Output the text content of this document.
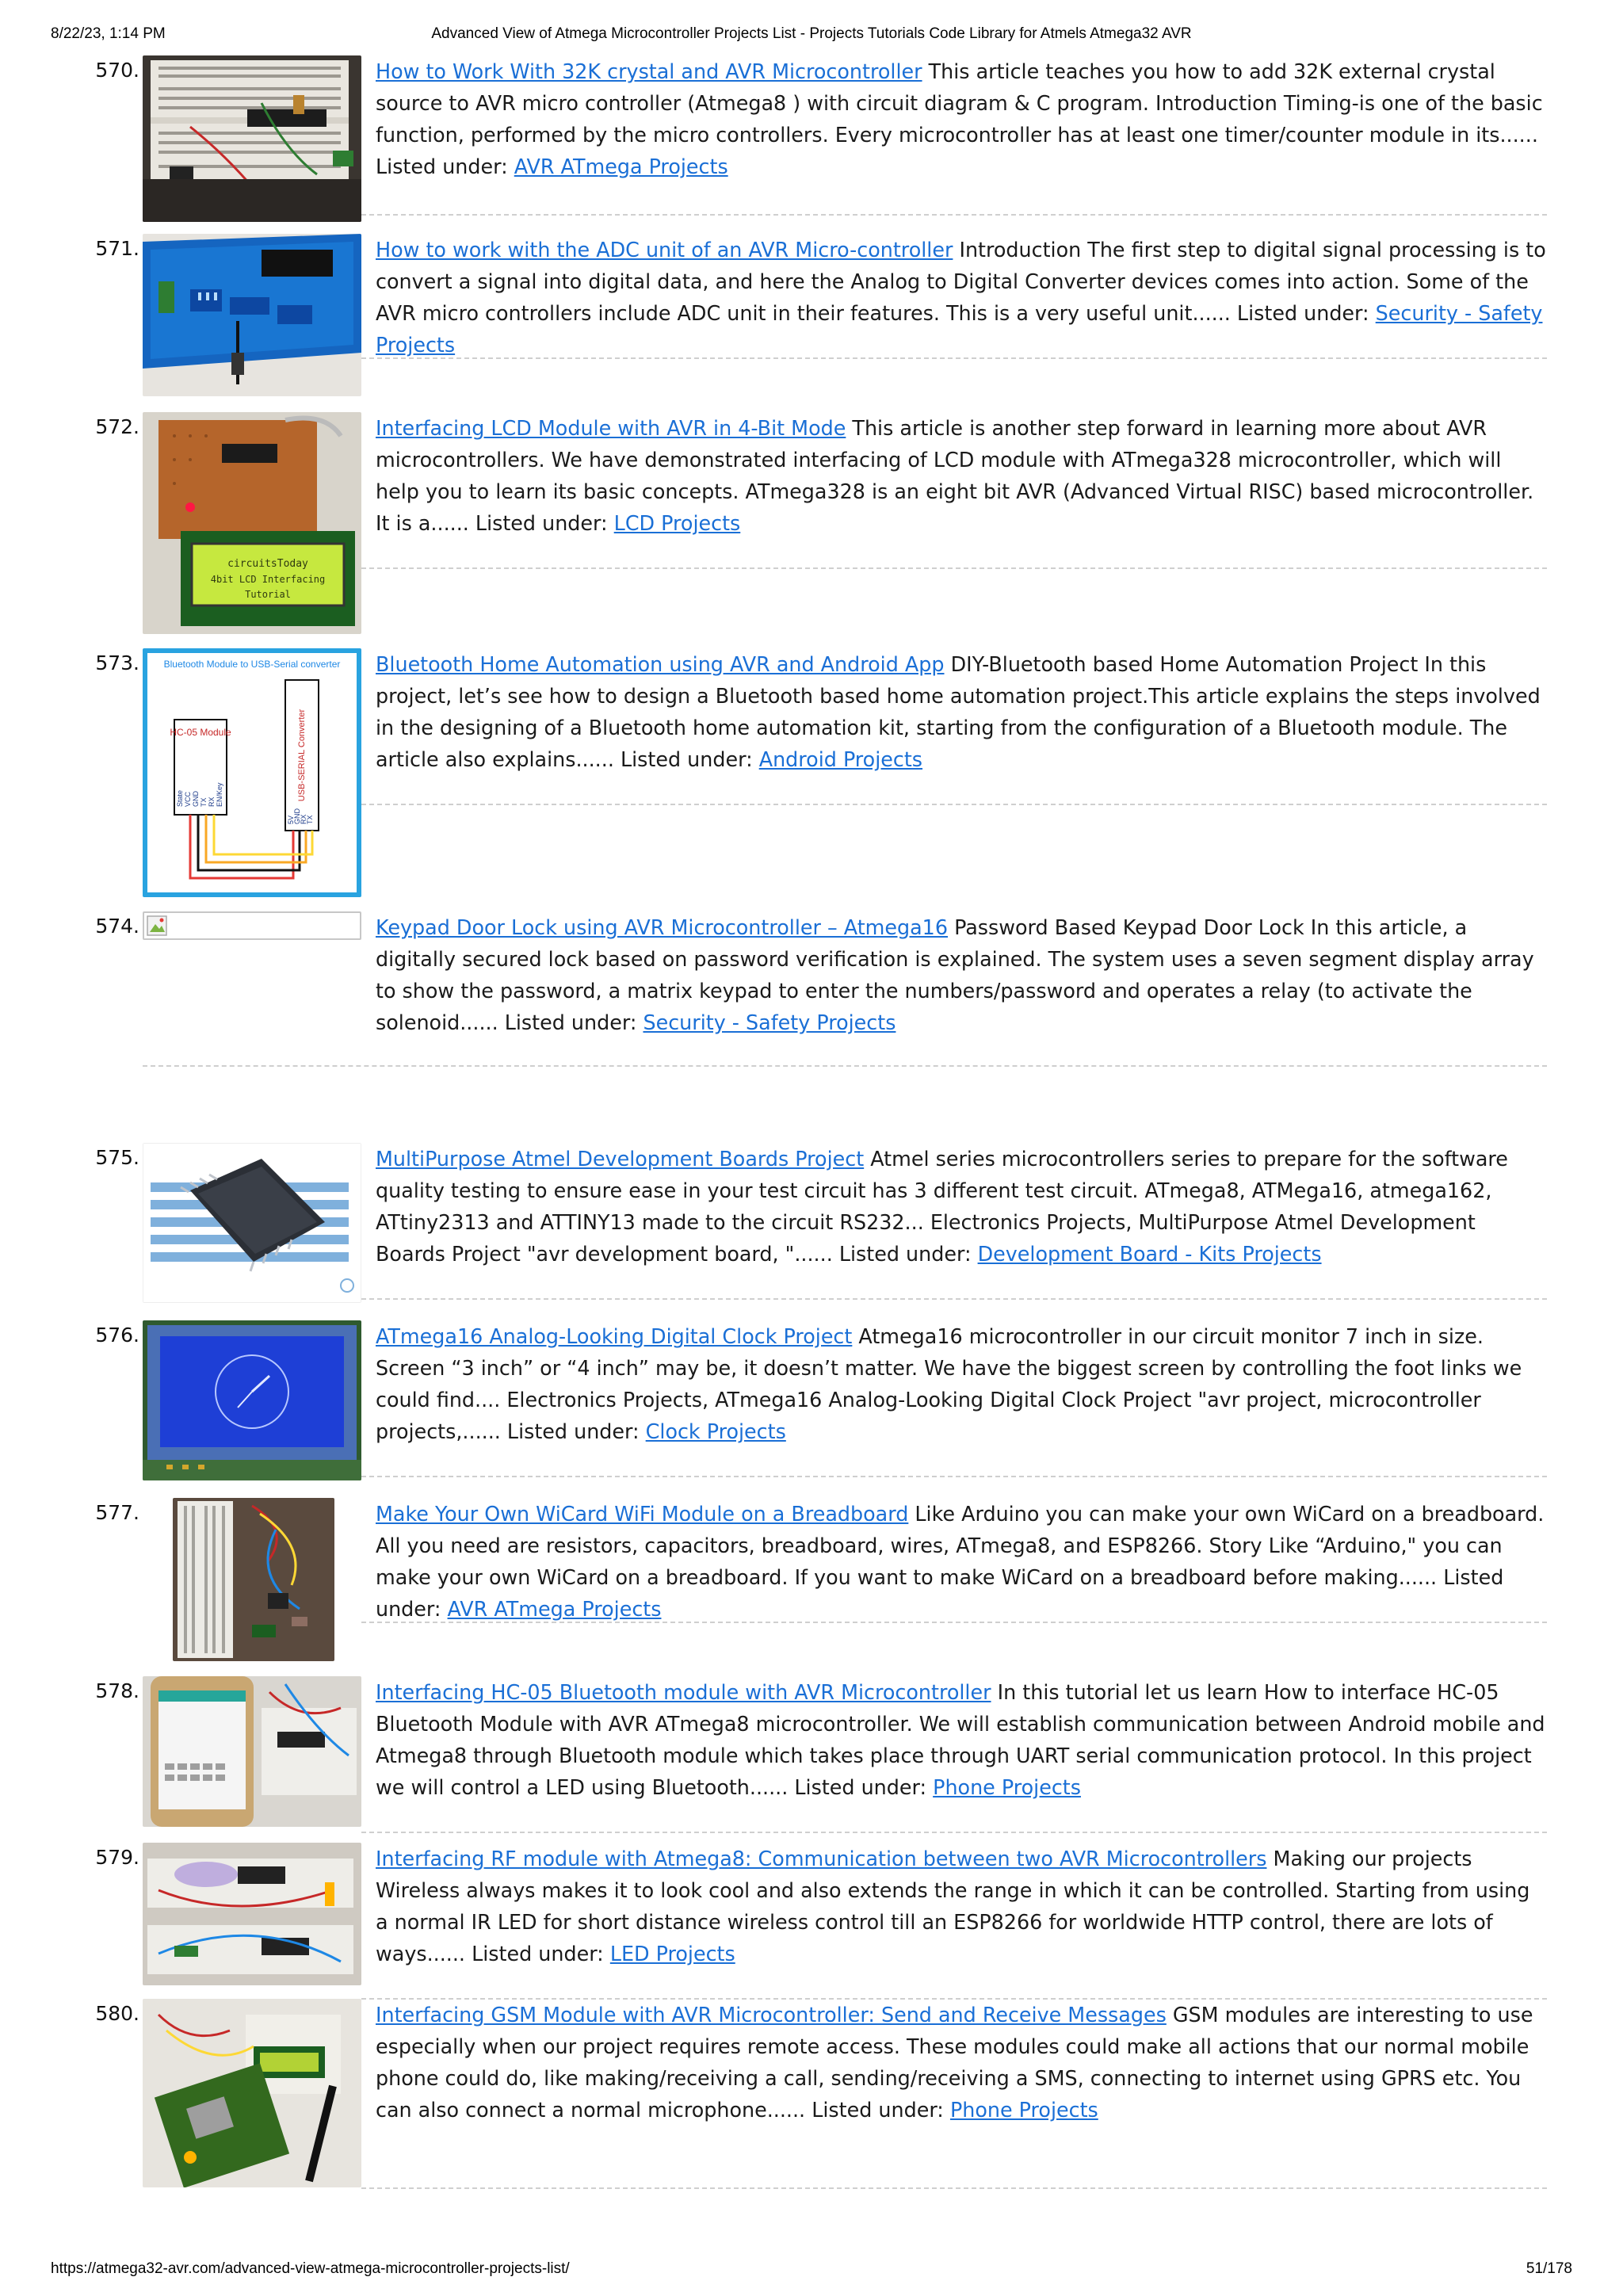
8/22/23, 1:14 PM	Advanced View of Atmega Microcontroller Projects List - Projects Tutorials Code Library for Atmels Atmega32 AVR
570.	How to Work With 32K crystal and AVR Microcontroller This article teaches you how to add 32K external crystal source to AVR micro controller (Atmega8 ) with circuit diagram & C program. Introduction Timing-is one of the basic function, performed by the micro controllers. Every microcontroller has at least one timer/counter module in its...... Listed under: AVR ATmega Projects
571.	How to work with the ADC unit of an AVR Micro-controller Introduction The first step to digital signal processing is to convert a signal into digital data, and here the Analog to Digital Converter devices comes into action. Some of the AVR micro controllers include ADC unit in their features. This is a very useful unit...... Listed under: Security - Safety Projects
572.
circuitsToday
4bit LCD Interfacing
Tutorial
Interfacing LCD Module with AVR in 4-Bit Mode This article is another step forward in learning more about AVR microcontrollers. We have demonstrated interfacing of LCD module with ATmega328 microcontroller, which will help you to learn its basic concepts. ATmega328 is an eight bit AVR (Advanced Virtual RISC) based microcontroller. It is a...... Listed under: LCD Projects
573.	Bluetooth Module to USB-Serial converter
HC-05 Module	USB-SERIAL Converter
State VCC GND TX RX EN/Key
5V
GND
RX
TX
Bluetooth Home Automation using AVR and Android App DIY-Bluetooth based Home Automation Project In this project, let’s see how to design a Bluetooth based home automation project.This article explains the steps involved in the designing of a Bluetooth home automation kit, starting from the configuration of a Bluetooth module. The article also explains...... Listed under: Android Projects
574.	Keypad Door Lock using AVR Microcontroller – Atmega16 Password Based Keypad Door Lock In this article, a digitally secured lock based on password verification is explained. The system uses a seven segment display array to show the password, a matrix keypad to enter the numbers/password and operates a relay (to activate the solenoid...... Listed under: Security - Safety Projects
575.	MultiPurpose Atmel Development Boards Project Atmel series microcontrollers series to prepare for the software quality testing to ensure ease in your test circuit has 3 different test circuit. ATmega8, ATMega16, atmega162, ATtiny2313 and ATTINY13 made to the circuit RS232... Electronics Projects, MultiPurpose Atmel Development Boards Project "avr development board, "...... Listed under: Development Board - Kits Projects
576.	ATmega16 Analog-Looking Digital Clock Project Atmega16 microcontroller in our circuit monitor 7 inch in size. Screen “3 inch” or “4 inch” may be, it doesn’t matter. We have the biggest screen by controlling the foot links we could find.... Electronics Projects, ATmega16 Analog-Looking Digital Clock Project "avr project, microcontroller projects,...... Listed under: Clock Projects
577.	Make Your Own WiCard WiFi Module on a Breadboard Like Arduino you can make your own WiCard on a breadboard. All you need are resistors, capacitors, breadboard, wires, ATmega8, and ESP8266. Story Like “Arduino," you can make your own WiCard on a breadboard. If you want to make WiCard on a breadboard before making...... Listed under: AVR ATmega Projects
578.	Interfacing HC-05 Bluetooth module with AVR Microcontroller In this tutorial let us learn How to interface HC-05 Bluetooth Module with AVR ATmega8 microcontroller. We will establish communication between Android mobile and Atmega8 through Bluetooth module which takes place through UART serial communication protocol. In this project we will control a LED using Bluetooth...... Listed under: Phone Projects
579.	Interfacing RF module with Atmega8: Communication between two AVR Microcontrollers Making our projects Wireless always makes it to look cool and also extends the range in which it can be controlled. Starting from using a normal IR LED for short distance wireless control till an ESP8266 for worldwide HTTP control, there are lots of ways...... Listed under: LED Projects
580.	Interfacing GSM Module with AVR Microcontroller: Send and Receive Messages GSM modules are interesting to use especially when our project requires remote access. These modules could make all actions that our normal mobile phone could do, like making/receiving a call, sending/receiving a SMS, connecting to internet using GPRS etc. You can also connect a normal microphone...... Listed under: Phone Projects
https://atmega32-avr.com/advanced-view-atmega-microcontroller-projects-list/	51/178
